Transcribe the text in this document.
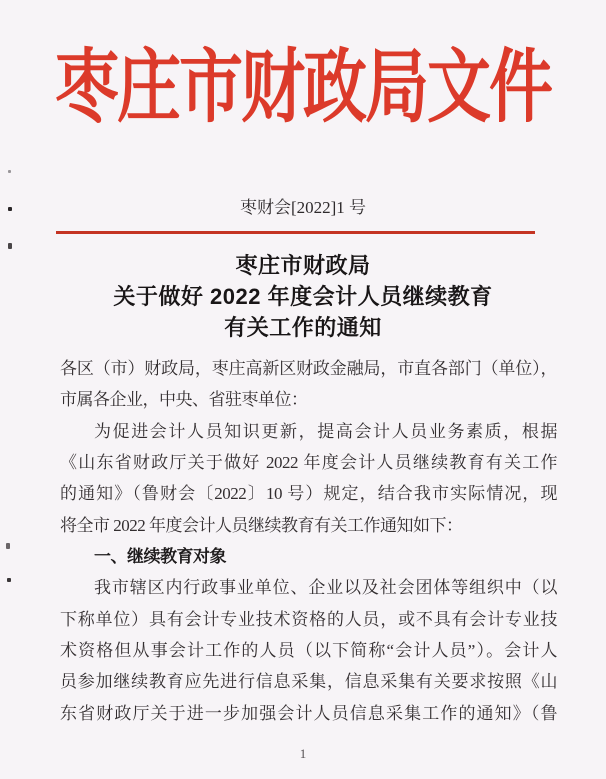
枣庄市财政局文件
枣财会[2022]1 号
枣庄市财政局
关于做好 2022 年度会计人员继续教育
有关工作的通知
各区（市）财政局，枣庄高新区财政金融局，市直各部门（单位），
市属各企业，中央、省驻枣单位：
为促进会计人员知识更新，提高会计人员业务素质，根据
《山东省财政厅关于做好 2022 年度会计人员继续教育有关工作
的通知》（鲁财会〔2022〕10 号）规定，结合我市实际情况，现
将全市 2022 年度会计人员继续教育有关工作通知如下：
一、继续教育对象
我市辖区内行政事业单位、企业以及社会团体等组织中（以
下称单位）具有会计专业技术资格的人员，或不具有会计专业技
术资格但从事会计工作的人员（以下简称“会计人员”）。会计人
员参加继续教育应先进行信息采集，信息采集有关要求按照《山
东省财政厅关于进一步加强会计人员信息采集工作的通知》（鲁
1
